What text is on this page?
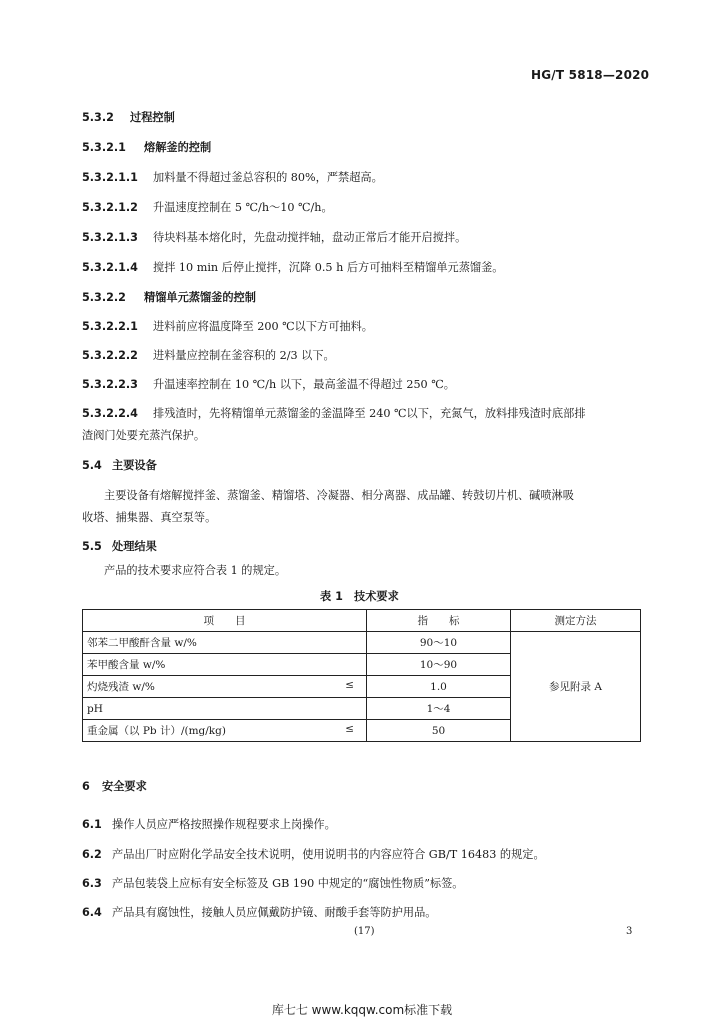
HG/T 5818—2020
5.3.2 过程控制
5.3.2.1 熔解釜的控制
5.3.2.1.1 加料量不得超过釜总容积的 80%，严禁超高。
5.3.2.1.2 升温速度控制在 5 ℃/h～10 ℃/h。
5.3.2.1.3 待块料基本熔化时，先盘动搅拌轴，盘动正常后才能开启搅拌。
5.3.2.1.4 搅拌 10 min 后停止搅拌，沉降 0.5 h 后方可抽料至精馏单元蒸馏釜。
5.3.2.2 精馏单元蒸馏釜的控制
5.3.2.2.1 进料前应将温度降至 200 ℃以下方可抽料。
5.3.2.2.2 进料量应控制在釜容积的 2/3 以下。
5.3.2.2.3 升温速率控制在 10 ℃/h 以下，最高釜温不得超过 250 ℃。
5.3.2.2.4 排残渣时，先将精馏单元蒸馏釜的釜温降至 240 ℃以下，充氮气，放料排残渣时底部排
渣阀门处要充蒸汽保护。
5.4 主要设备
主要设备有熔解搅拌釜、蒸馏釜、精馏塔、冷凝器、相分离器、成品罐、转鼓切片机、碱喷淋吸
收塔、捕集器、真空泵等。
5.5 处理结果
产品的技术要求应符合表 1 的规定。
表 1　技术要求
项　　目	指　　标	测定方法
邻苯二甲酸酐含量 w/%	90～10	参见附录 A
苯甲酸含量 w/%	10～90	
灼烧残渣 w/% ≤	1.0	
pH	1～4	
重金属（以 Pb 计）/(mg/kg) ≤	50	
6 安全要求
6.1 操作人员应严格按照操作规程要求上岗操作。
6.2 产品出厂时应附化学品安全技术说明，使用说明书的内容应符合 GB/T 16483 的规定。
6.3 产品包装袋上应标有安全标签及 GB 190 中规定的“腐蚀性物质”标签。
6.4 产品具有腐蚀性，接触人员应佩戴防护镜、耐酸手套等防护用品。
(17)	3
库七七 www.kqqw.com标准下载
